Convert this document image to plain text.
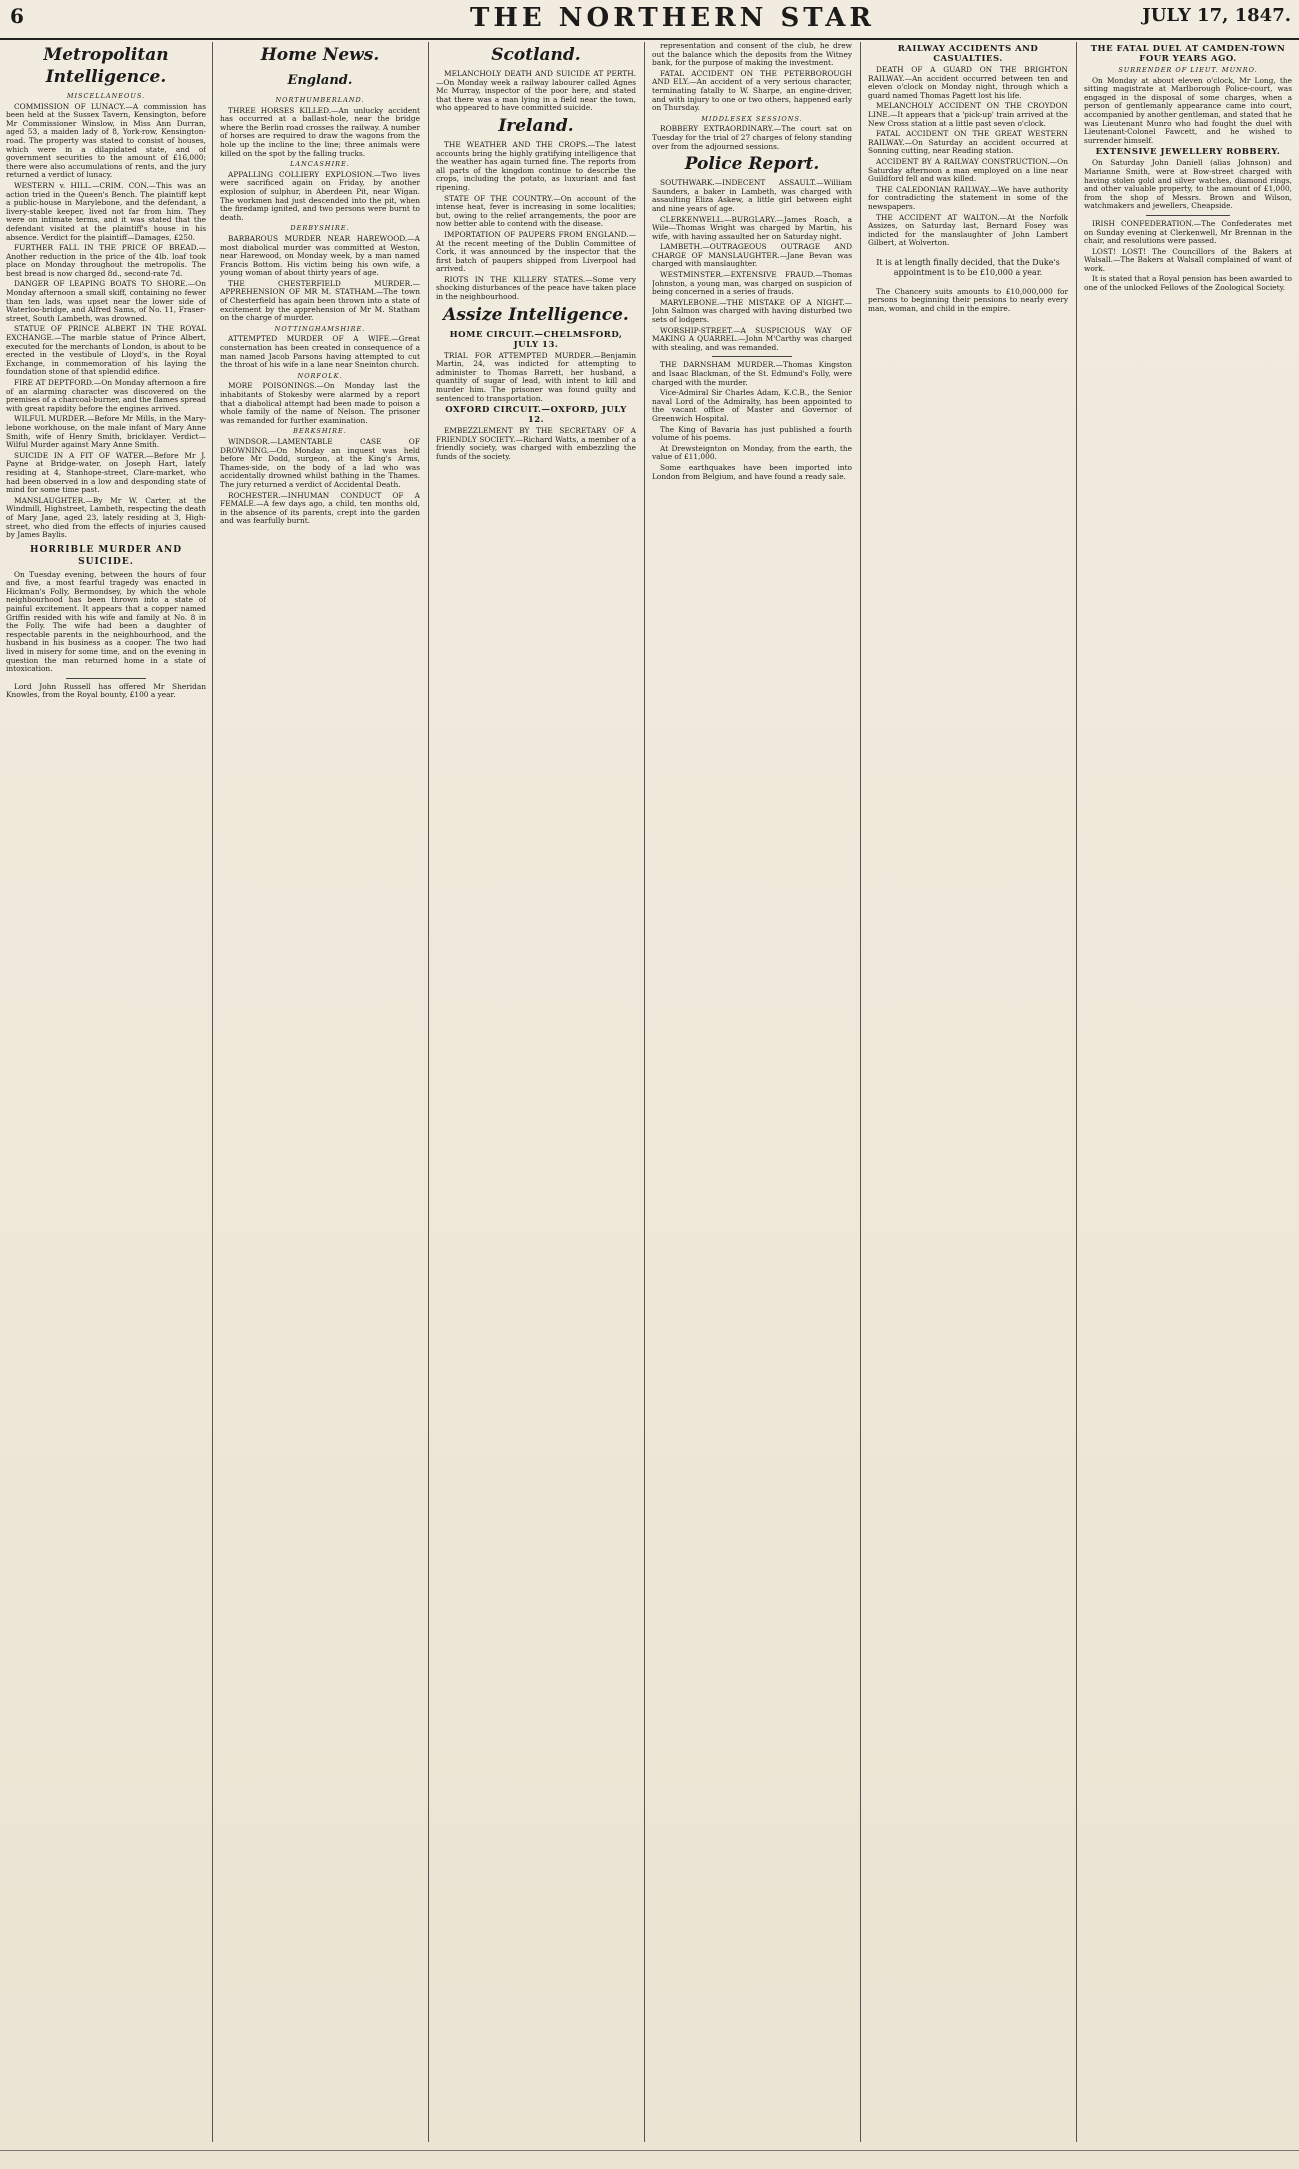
6	THE NORTHERN STAR	JULY 17, 1847.
Metropolitan Intelligence.
MISCELLANEOUS.

COMMISSION OF LUNACY.—A commission has been held at the Sussex Tavern, Kensington, before Mr Commissioner Winslow, in Miss Ann Durran, aged 53, a maiden lady of 8, York-row, Kensington-road. The property was stated to consist of houses, which were in a dilapidated state, and of government securities to the amount of £16,000; there were also accumulations of rents, and the jury returned a verdict of lunacy.

WESTERN v. HILL.—CRIM. CON.—This was an action tried in the Queen's Bench. The plaintiff kept a public-house in Marylebone, and the defendant, a livery-stable keeper, lived not far from him. They were on intimate terms, and it was stated that the defendant visited at the plaintiff's house in his absence. Verdict for the plaintiff—Damages, £250.

FURTHER FALL IN THE PRICE OF BREAD.—Another reduction in the price of the 4lb. loaf took place on Monday throughout the metropolis. The best bread is now charged 8d., second-rate 7d.

DANGER OF LEAPING BOATS TO SHORE.—On Monday afternoon a small skiff, containing no fewer than ten lads, was upset near the lower side of Waterloo-bridge, and Alfred Sams, of No. 11, Fraser-street, South Lambeth, was drowned.

STATUE OF PRINCE ALBERT IN THE ROYAL EXCHANGE.—The marble statue of Prince Albert, executed for the merchants of London, is about to be erected in the vestibule of Lloyd's, in the Royal Exchange, in commemoration of his laying the foundation stone of that splendid edifice.

FIRE AT DEPTFORD.—On Monday afternoon a fire of an alarming character was discovered on the premises of a charcoal-burner, and the flames spread with great rapidity before the engines arrived.

WILFUL MURDER.—Before Mr Mills, in the Mary-lebone workhouse, on the male infant of Mary Anne Smith, wife of Henry Smith, bricklayer. Verdict—Wilful Murder against Mary Anne Smith.

SUICIDE IN A FIT OF WATER.—Before Mr J. Payne at Bridge-water, on Joseph Hart, lately residing at 4, Stanhope-street, Clare-market, who had been observed in a low and desponding state of mind for some time past.

MANSLAUGHTER.—By Mr W. Carter, at the Windmill, Highstreet, Lambeth, respecting the death of Mary Jane, aged 23, lately residing at 3, High-street, who died from the effects of injuries caused by James Baylis.

HORRIBLE MURDER AND SUICIDE.

On Tuesday evening, between the hours of four and five, a most fearful tragedy was enacted in Hickman's Folly, Bermondsey, by which the whole neighbourhood has been thrown into a state of painful excitement. It appears that a copper named Griffin resided with his wife and family at No. 8 in the Folly. The wife had been a daughter of respectable parents in the neighbourhood, and the husband in his business as a cooper. The two had lived in misery for some time, and on the evening in question the man returned home in a state of intoxication.

Lord John Russell has offered Mr Sheridan Knowles, from the Royal bounty, £100 a year.

Home News.
England.
NORTHUMBERLAND.

THREE HORSES KILLED.—An unlucky accident has occurred at a ballast-hole, near the bridge where the Berlin road crosses the railway. A number of horses are required to draw the wagons from the hole up the incline to the line; three animals were killed on the spot by the falling trucks.

LANCASHIRE.

APPALLING COLLIERY EXPLOSION.—Two lives were sacrificed again on Friday, by another explosion of sulphur, in Aberdeen Pit, near Wigan. The workmen had just descended into the pit, when the firedamp ignited, and two persons were burnt to death.

DERBYSHIRE.

BARBAROUS MURDER NEAR HAREWOOD.—A most diabolical murder was committed at Weston, near Harewood, on Monday week, by a man named Francis Bottom. His victim being his own wife, a young woman of about thirty years of age.

THE CHESTERFIELD MURDER.—APPREHENSION OF MR M. STATHAM.—The town of Chesterfield has again been thrown into a state of excitement by the apprehension of Mr M. Statham on the charge of murder.

NOTTINGHAMSHIRE.

ATTEMPTED MURDER OF A WIFE.—Great consternation has been created in consequence of a man named Jacob Parsons having attempted to cut the throat of his wife in a lane near Sneinton church.

NORFOLK.

MORE POISONINGS.—On Monday last the inhabitants of Stokesby were alarmed by a report that a diabolical attempt had been made to poison a whole family of the name of Nelson. The prisoner was remanded for further examination.

BERKSHIRE.

WINDSOR.—LAMENTABLE CASE OF DROWNING.—On Monday an inquest was held before Mr Dodd, surgeon, at the King's Arms, Thames-side, on the body of a lad who was accidentally drowned whilst bathing in the Thames. The jury returned a verdict of Accidental Death.

ROCHESTER.—INHUMAN CONDUCT OF A FEMALE.—A few days ago, a child, ten months old, in the absence of its parents, crept into the garden and was fearfully burnt.

Scotland.

MELANCHOLY DEATH AND SUICIDE AT PERTH.—On Monday week a railway labourer called Agnes Mc Murray, inspector of the poor here, and stated that there was a man lying in a field near the town, who appeared to have committed suicide.

Ireland.

THE WEATHER AND THE CROPS.—The latest accounts bring the highly gratifying intelligence that the weather has again turned fine. The reports from all parts of the kingdom continue to describe the crops, including the potato, as luxuriant and fast ripening.

STATE OF THE COUNTRY.—On account of the intense heat, fever is increasing in some localities; but, owing to the relief arrangements, the poor are now better able to contend with the disease.

IMPORTATION OF PAUPERS FROM ENGLAND.—At the recent meeting of the Dublin Committee of Cork, it was announced by the inspector that the first batch of paupers shipped from Liverpool had arrived.

RIOTS IN THE KILLERY STATES.—Some very shocking disturbances of the peace have taken place in the neighbourhood.

Assize Intelligence.
HOME CIRCUIT.—CHELMSFORD, JULY 13.

TRIAL FOR ATTEMPTED MURDER.—Benjamin Martin, 24, was indicted for attempting to administer to Thomas Barrett, her husband, a quantity of sugar of lead, with intent to kill and murder him. The prisoner was found guilty and sentenced to transportation.

OXFORD CIRCUIT.—OXFORD, JULY 12.

EMBEZZLEMENT BY THE SECRETARY OF A FRIENDLY SOCIETY.—Richard Watts, a member of a friendly society, was charged with embezzling the funds of the society.

representation and consent of the club, he drew out the balance which the deposits from the Witney bank, for the purpose of making the investment.

FATAL ACCIDENT ON THE PETERBOROUGH AND ELY.—An accident of a very serious character, terminating fatally to W. Sharpe, an engine-driver, and with injury to one or two others, happened early on Thursday.

MIDDLESEX SESSIONS.

ROBBERY EXTRAORDINARY.—The court sat on Tuesday for the trial of 27 charges of felony standing over from the adjourned sessions.

Police Report.

SOUTHWARK.—INDECENT ASSAULT.—William Saunders, a baker in Lambeth, was charged with assaulting Eliza Askew, a little girl between eight and nine years of age.

CLERKENWELL.—BURGLARY.—James Roach, a Wile—Thomas Wright was charged by Martin, his wife, with having assaulted her on Saturday night.

LAMBETH.—OUTRAGEOUS OUTRAGE AND CHARGE OF MANSLAUGHTER.—Jane Bevan was charged with manslaughter.

WESTMINSTER.—EXTENSIVE FRAUD.—Thomas Johnston, a young man, was charged on suspicion of being concerned in a series of frauds.

MARYLEBONE.—THE MISTAKE OF A NIGHT.—John Salmon was charged with having disturbed two sets of lodgers.

WORSHIP-STREET.—A SUSPICIOUS WAY OF MAKING A QUARREL.—John M'Carthy was charged with stealing, and was remanded.

THE DARNSHAM MURDER.—Thomas Kingston and Isaac Blackman, of the St. Edmund's Folly, were charged with the murder.

Vice-Admiral Sir Charles Adam, K.C.B., the Senior naval Lord of the Admiralty, has been appointed to the vacant office of Master and Governor of Greenwich Hospital.

The King of Bavaria has just published a fourth volume of his poems.

At Drewsteignton on Monday, from the earth, the value of £11,000.

Some earthquakes have been imported into London from Belgium, and have found a ready sale.

RAILWAY ACCIDENTS AND CASUALTIES.

DEATH OF A GUARD ON THE BRIGHTON RAILWAY.—An accident occurred between ten and eleven o'clock on Monday night, through which a guard named Thomas Pagett lost his life.

MELANCHOLY ACCIDENT ON THE CROYDON LINE.—It appears that a 'pick-up' train arrived at the New Cross station at a little past seven o'clock.

FATAL ACCIDENT ON THE GREAT WESTERN RAILWAY.—On Saturday an accident occurred at Sonning cutting, near Reading station.

ACCIDENT BY A RAILWAY CONSTRUCTION.—On Saturday afternoon a man employed on a line near Guildford fell and was killed.

THE CALEDONIAN RAILWAY.—We have authority for contradicting the statement in some of the newspapers.

THE ACCIDENT AT WALTON.—At the Norfolk Assizes, on Saturday last, Bernard Fosey was indicted for the manslaughter of John Lambert Gilbert, at Wolverton.

It is at length finally decided, that the Duke's appointment is to be £10,000 a year.

The Chancery suits amounts to £10,000,000 for persons to beginning their pensions to nearly every man, woman, and child in the empire.

THE FATAL DUEL AT CAMDEN-TOWN FOUR YEARS AGO.
SURRENDER OF LIEUT. MUNRO.

On Monday at about eleven o'clock, Mr Long, the sitting magistrate at Marlborough Police-court, was engaged in the disposal of some charges, when a person of gentlemanly appearance came into court, accompanied by another gentleman, and stated that he was Lieutenant Munro who had fought the duel with Lieutenant-Colonel Fawcett, and he wished to surrender himself.

EXTENSIVE JEWELLERY ROBBERY.

On Saturday John Daniell (alias Johnson) and Marianne Smith, were at Bow-street charged with having stolen gold and silver watches, diamond rings, and other valuable property, to the amount of £1,000, from the shop of Messrs. Brown and Wilson, watchmakers and jewellers, Cheapside.

IRISH CONFEDERATION.—The Confederates met on Sunday evening at Clerkenwell, Mr Brennan in the chair, and resolutions were passed.

LOST! LOST! The Councillors of the Bakers at Walsall.—The Bakers at Walsall complained of want of work.

It is stated that a Royal pension has been awarded to one of the unlocked Fellows of the Zoological Society.
